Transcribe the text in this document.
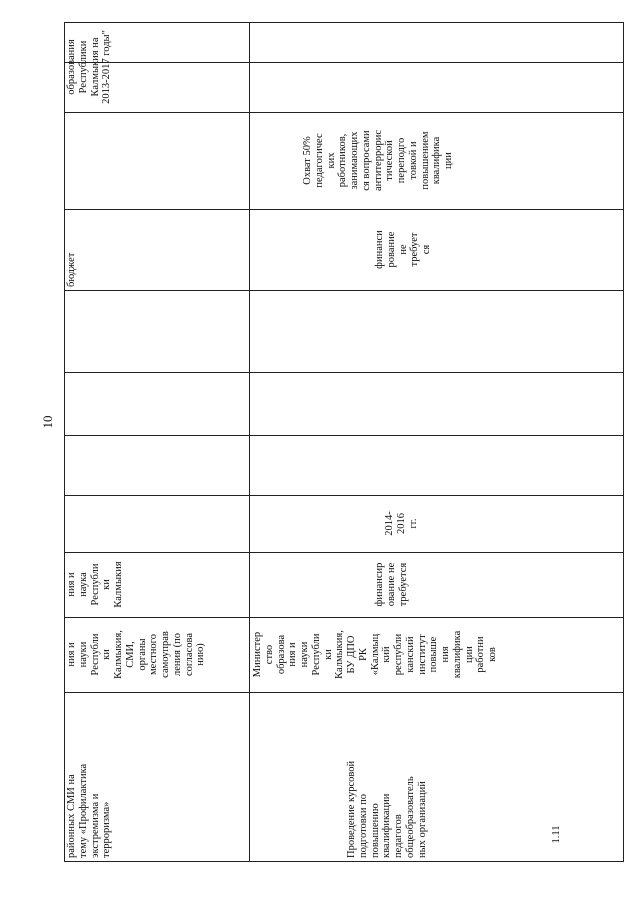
10
районных СМИ на
тему «Профилактика
экстремизма и
терроризма»
ния и
науки
Республи
ки
Калмыкия,
СМИ,
органы
местного
самоуправ
ления (по
согласова
нию)
ния и
наука
Республи
ки
Калмыкия
бюджет
образования
Республики
Калмыкия на
2013-2017 годы"
1.11
Проведение курсовой
подготовки по
повышению
квалификации
педагогов
общеобразователь
ных организаций
Министер
ство
образова
ния и
науки
Республи
ки
Калмыкия,
БУ ДПО
РК
«Калмыц
кий
республи
канский
институт
повыше
ния
квалифика
ции
работни
ков
финансир
ование не
требуется
2014-
2016
гг.
финанси
рование
не
требует
ся
Охват 50%
педагогичес
ких
работников,
занимающих
ся вопросами
антитеррорис
тической
переподго
товкой и
повышением
квалифика
ции
